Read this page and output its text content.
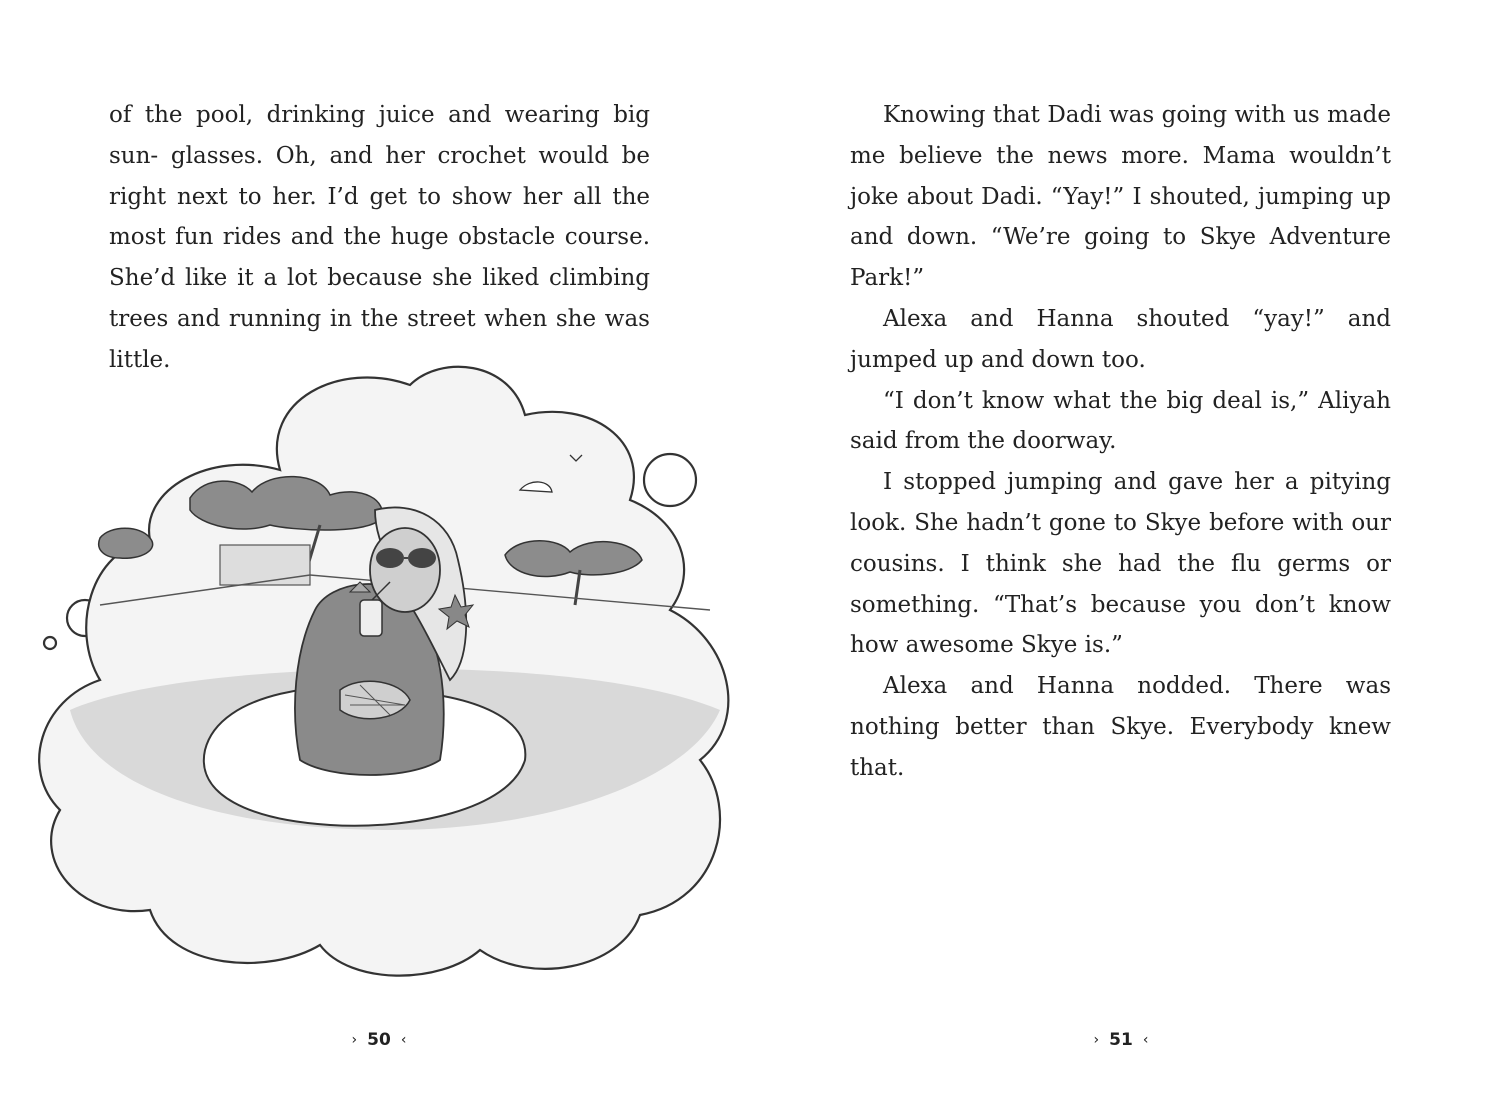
of the pool, drinking juice and wearing big sun- glasses. Oh, and her crochet would be right next to her. I’d get to show her all the most fun rides and the huge obstacle course. She’d like it a lot because she liked climbing trees and running in the street when she was little.

› 50 ‹

Knowing that Dadi was going with us made me believe the news more. Mama wouldn’t joke about Dadi. “Yay!” I shouted, jumping up and down. “We’re going to Skye Adventure Park!”

Alexa and Hanna shouted “yay!” and jumped up and down too.

“I don’t know what the big deal is,” Aliyah said from the doorway.

I stopped jumping and gave her a pitying look. She hadn’t gone to Skye before with our cousins. I think she had the flu germs or something. “That’s because you don’t know how awesome Skye is.”

Alexa and Hanna nodded. There was nothing better than Skye. Everybody knew that.

› 51 ‹
